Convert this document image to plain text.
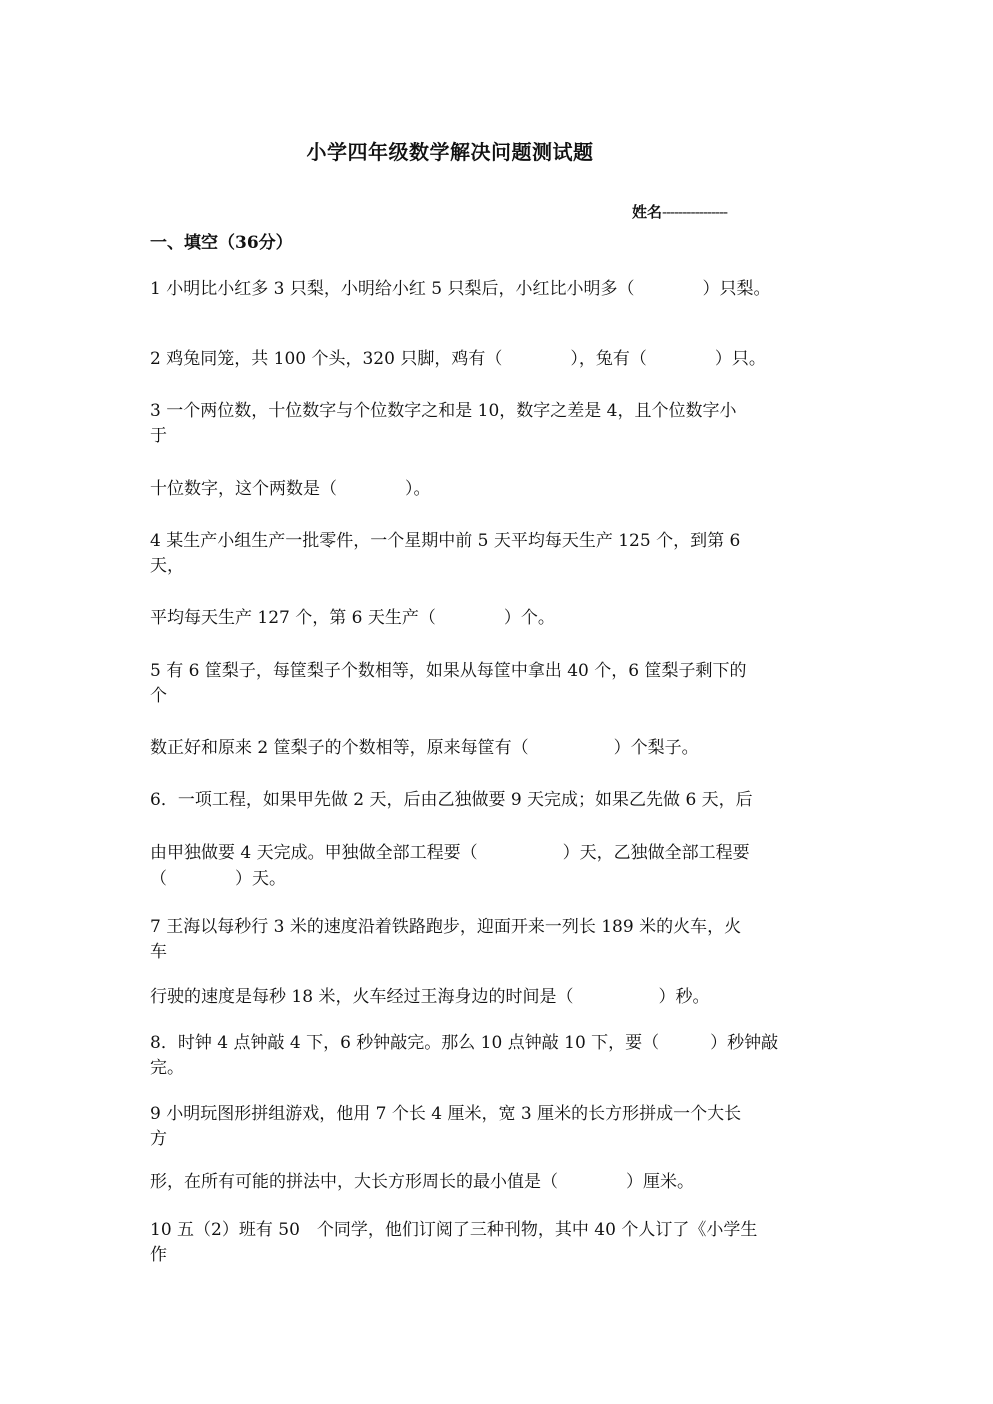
小学四年级数学解决问题测试题
姓名----------------
一、填空（36分）
1 小明比小红多 3 只梨，小明给小红 5 只梨后，小红比小明多（　　　　）只梨。
2 鸡兔同笼，共 100 个头，320 只脚，鸡有（　　　　），兔有（　　　　）只。
3 一个两位数，十位数字与个位数字之和是 10，数字之差是 4，且个位数字小
于
十位数字，这个两数是（　　　　）。
4 某生产小组生产一批零件，一个星期中前 5 天平均每天生产 125 个，到第 6
天，
平均每天生产 127 个，第 6 天生产（　　　　）个。
5 有 6 筐梨子，每筐梨子个数相等，如果从每筐中拿出 40 个，6 筐梨子剩下的
个
数正好和原来 2 筐梨子的个数相等，原来每筐有（　　　　　）个梨子。
6．一项工程，如果甲先做 2 天，后由乙独做要 9 天完成；如果乙先做 6 天，后
由甲独做要 4 天完成。甲独做全部工程要（　　　　　）天，乙独做全部工程要
（　　　　）天。
7 王海以每秒行 3 米的速度沿着铁路跑步，迎面开来一列长 189 米的火车，火
车
行驶的速度是每秒 18 米，火车经过王海身边的时间是（　　　　　）秒。
8．时钟 4 点钟敲 4 下，6 秒钟敲完。那么 10 点钟敲 10 下，要（　　　）秒钟敲
完。
9 小明玩图形拼组游戏，他用 7 个长 4 厘米，宽 3 厘米的长方形拼成一个大长
方
形，在所有可能的拼法中，大长方形周长的最小值是（　　　　）厘米。
10 五（2）班有 50　个同学，他们订阅了三种刊物，其中 40 个人订了《小学生
作
